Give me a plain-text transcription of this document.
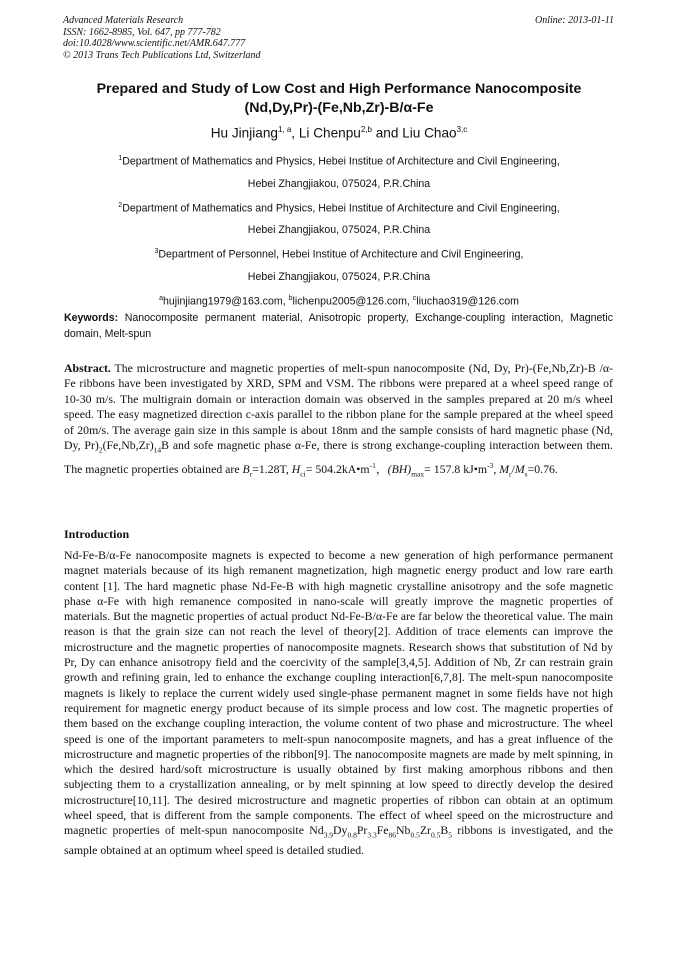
Advanced Materials Research
ISSN: 1662-8985, Vol. 647, pp 777-782
doi:10.4028/www.scientific.net/AMR.647.777
© 2013 Trans Tech Publications Ltd, Switzerland
Online: 2013-01-11
Prepared and Study of Low Cost and High Performance Nanocomposite
(Nd,Dy,Pr)-(Fe,Nb,Zr)-B/α-Fe
Hu Jinjiang$^{1, a}$, Li Chenpu$^{2,b}$ and Liu Chao$^{3,c}$
$^1$Department of Mathematics and Physics, Hebei Institue of Architecture and Civil Engineering,
Hebei Zhangjiakou, 075024, P.R.China
$^2$Department of Mathematics and Physics, Hebei Institue of Architecture and Civil Engineering,
Hebei Zhangjiakou, 075024, P.R.China
$^3$Department of Personnel, Hebei Institue of Architecture and Civil Engineering,
Hebei Zhangjiakou, 075024, P.R.China
$^a$hujinjiang1979@163.com, $^b$lichenpu2005@126.com, $^c$liuchao319@126.com
Keywords: Nanocomposite permanent material, Anisotropic property, Exchange-coupling interaction, Magnetic domain, Melt-spun
Abstract. The microstructure and magnetic properties of melt-spun nanocomposite (Nd, Dy, Pr)-(Fe,Nb,Zr)-B /α-Fe ribbons have been investigated by XRD, SPM and VSM. The ribbons were prepared at a wheel speed range of 10-30 m/s. The multigrain domain or interaction domain was observed in the samples prepared at 20 m/s wheel speed. The easy magnetized direction c-axis parallel to the ribbon plane for the sample prepared at the wheel speed of 20m/s. The average gain size in this sample is about 18nm and the sample consists of hard magnetic phase (Nd, Dy, $Pr)_2(Fe,Nb,Zr)_{14}B$ and sofe magnetic phase α-Fe, there is strong exchange-coupling interaction between them. The magnetic properties obtained are $B_r=1.28T$, $H_{ci}=$ $504.2kA•m^{-1}$，$(BH)_{max}= 157.8$ $kJ•m^{-3}$, $M_r/M_s=0.76$.
Introduction
Nd-Fe-B/α-Fe nanocomposite magnets is expected to become a new generation of high performance permanent magnet materials because of its high remanent magnetization, high magnetic energy product and low rare earth content [1]. The hard magnetic phase Nd-Fe-B with high magnetic crystalline anisotropy and the sofe magnetic phase α-Fe with high remanence composited in nano-scale will greatly improve the magnetic properties of materials. But the magnetic properties of actual product Nd-Fe-B/α-Fe are far below the theoretical value. The main reason is that the grain size can not reach the level of theory[2]. Addition of trace elements can improve the microstructure and the magnetic properties of nanocomposite magnets. Research shows that substitution of Nd by Pr, Dy can enhance anisotropy field and the coercivity of the sample[3,4,5]. Addition of Nb, Zr can restrain grain growth and refining grain, led to enhance the exchange coupling interaction[6,7,8]. The melt-spun nanocomposite magnets is likely to replace the current widely used single-phase permanent magnet in some fields have not high requirement for magnetic energy product because of its simple process and low cost. The magnetic properties of them based on the exchange coupling interaction, the volume content of two phase and microstructure. The wheel speed is one of the important parameters to melt-spun nanocomposite magnets, and has a great influence of the microstructure and magnetic properties of the ribbon[9]. The nanocomposite magnets are made by melt spinning, in which the desired hard/soft microstructure is usually obtained by first making amorphous ribbons and then subjecting them to a crystallization annealing, or by melt spinning at low speed to directly develop the desired microstructure[10,11]. The desired microstructure and magnetic properties of ribbon can obtain at an optimum wheel speed, that is different from the sample components. The effect of wheel speed on the microstructure and magnetic properties of melt-spun nanocomposite $Nd_{3.9}Dy_{0.8}Pr_{3.3}Fe_{86}Nb_{0.5}Zr_{0.5}B_5$ ribbons is investigated, and the sample obtained at an optimum wheel speed is detailed studied.
